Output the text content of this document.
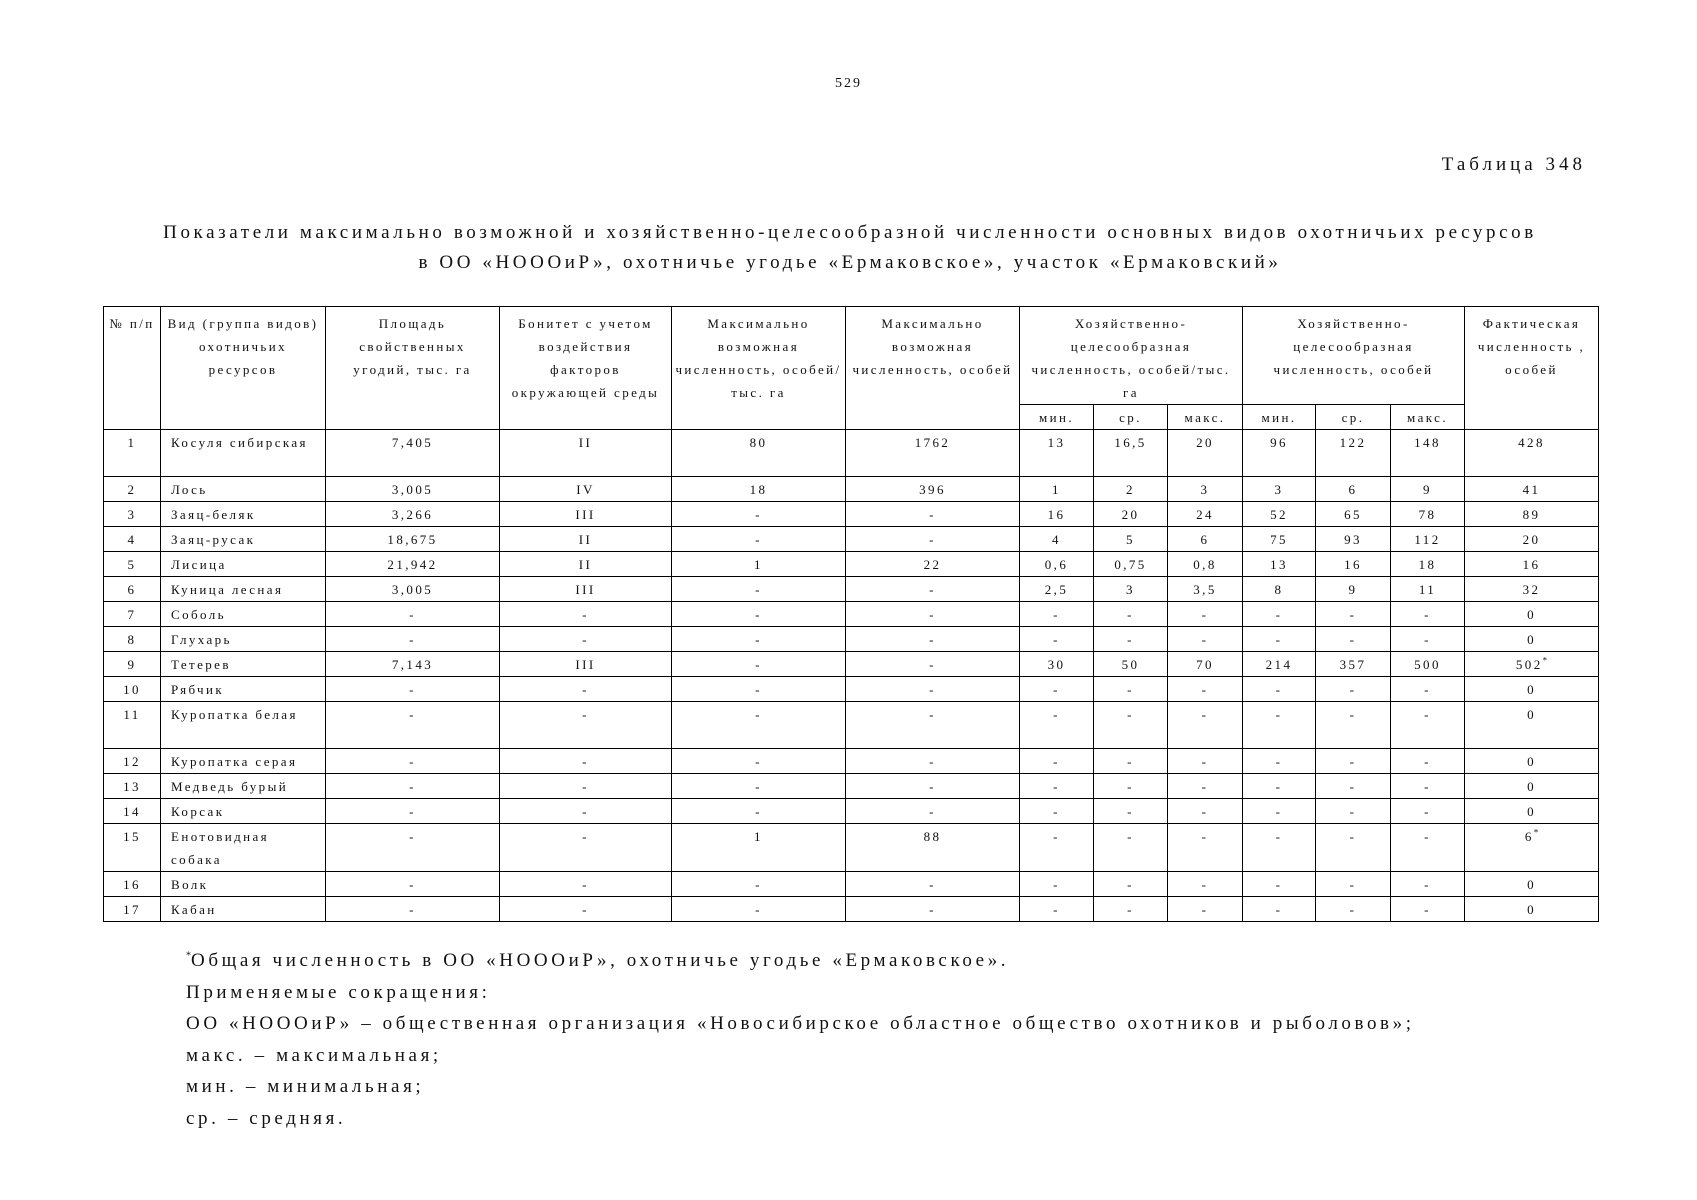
529
Таблица 348
Показатели максимально возможной и хозяйственно-целесообразной численности основных видов охотничьих ресурсов
в ОО «НОООиР», охотничье угодье «Ермаковское», участок «Ермаковский»
№ п/п	Вид (группа видов) охотничьих ресурсов	Площадь свойственных угодий, тыс. га	Бонитет с учетом воздействия факторов окружающей среды	Максимально возможная численность, особей/тыс. га	Максимально возможная численность, особей	Хозяйственно-целесообразная численность, особей/тыс. га			Хозяйственно-целесообразная численность, особей			Фактическая численность , особей
						мин.	ср.	макс.	мин.	ср.	макс.	
1	Косуля сибирская	7,405	II	80	1762	13	16,5	20	96	122	148	428
2	Лось	3,005	IV	18	396	1	2	3	3	6	9	41
3	Заяц-беляк	3,266	III	-	-	16	20	24	52	65	78	89
4	Заяц-русак	18,675	II	-	-	4	5	6	75	93	112	20
5	Лисица	21,942	II	1	22	0,6	0,75	0,8	13	16	18	16
6	Куница лесная	3,005	III	-	-	2,5	3	3,5	8	9	11	32
7	Соболь	-	-	-	-	-	-	-	-	-	-	0
8	Глухарь	-	-	-	-	-	-	-	-	-	-	0
9	Тетерев	7,143	III	-	-	30	50	70	214	357	500	502*
10	Рябчик	-	-	-	-	-	-	-	-	-	-	0
11	Куропатка белая	-	-	-	-	-	-	-	-	-	-	0
12	Куропатка серая	-	-	-	-	-	-	-	-	-	-	0
13	Медведь бурый	-	-	-	-	-	-	-	-	-	-	0
14	Корсак	-	-	-	-	-	-	-	-	-	-	0
15	Енотовидная собака	-	-	1	88	-	-	-	-	-	-	6*
16	Волк	-	-	-	-	-	-	-	-	-	-	0
17	Кабан	-	-	-	-	-	-	-	-	-	-	0
*Общая численность в ОО «НОООиР», охотничье угодье «Ермаковское».
Применяемые сокращения:
ОО «НОООиР» – общественная организация «Новосибирское областное общество охотников и рыболовов»;
макс. – максимальная;
мин. – минимальная;
ср. – средняя.
